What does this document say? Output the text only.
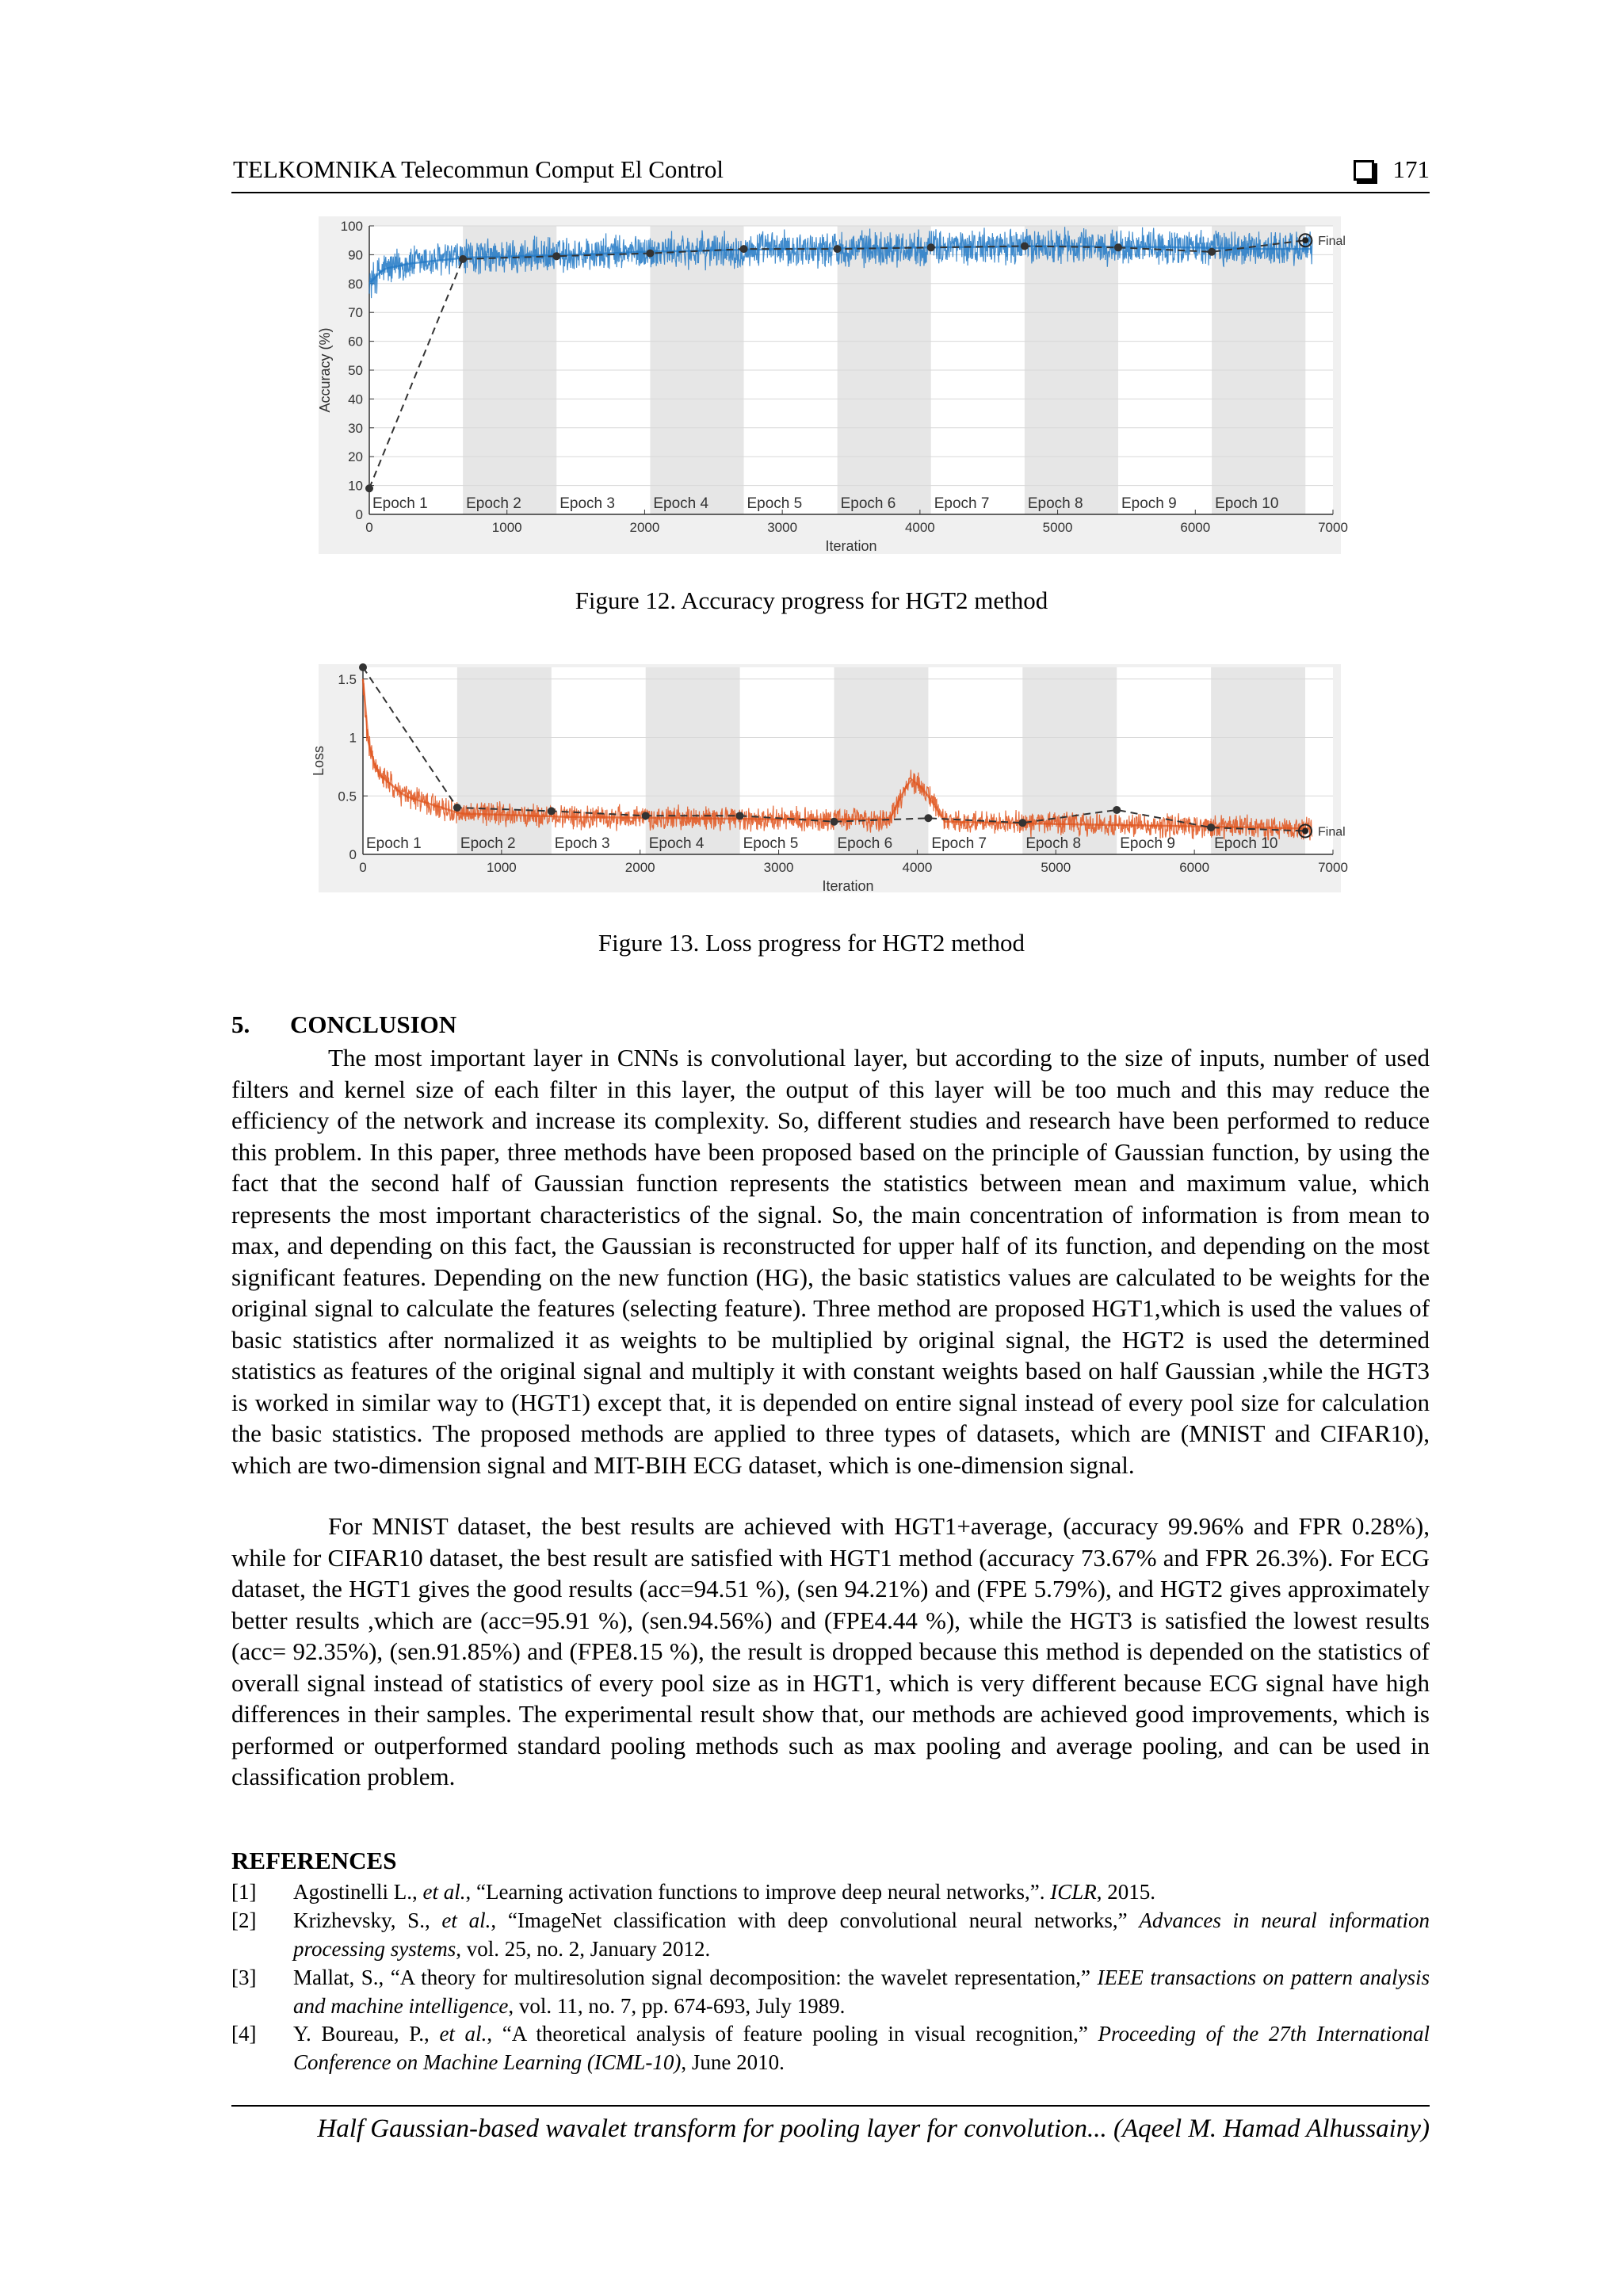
TELKOMNIKA Telecommun Comput El Control	171
0
10
20
30
40
50
60
70
80
90
100
0	1000	2000	3000	4000	5000	6000	7000
Iteration
Accuracy (%)
Final
Epoch 1	Epoch 2	Epoch 3	Epoch 4	Epoch 5	Epoch 6	Epoch 7	Epoch 8	Epoch 9	Epoch 10
Figure 12. Accuracy progress for HGT2 method
0
0.5
1
1.5
0	1000	2000	3000	4000	5000	6000	7000
Iteration
Loss
Final
Epoch 1	Epoch 2	Epoch 3	Epoch 4	Epoch 5	Epoch 6	Epoch 7	Epoch 8	Epoch 9	Epoch 10
Figure 13. Loss progress for HGT2 method
5. CONCLUSION

The most important layer in CNNs is convolutional layer, but according to the size of inputs, number of used filters and kernel size of each filter in this layer, the output of this layer will be too much and this may reduce the efficiency of the network and increase its complexity. So, different studies and research have been performed to reduce this problem. In this paper, three methods have been proposed based on the principle of Gaussian function, by using the fact that the second half of Gaussian function represents the statistics between mean and maximum value, which represents the most important characteristics of the signal. So, the main concentration of information is from mean to max, and depending on this fact, the Gaussian is reconstructed for upper half of its function, and depending on the most significant features. Depending on the new function (HG), the basic statistics values are calculated to be weights for the original signal to calculate the features (selecting feature). Three method are proposed HGT1,which is used the values of basic statistics after normalized it as weights to be multiplied by original signal, the HGT2 is used the determined statistics as features of the original signal and multiply it with constant weights based on half Gaussian ,while the HGT3 is worked in similar way to (HGT1) except that, it is depended on entire signal instead of every pool size for calculation the basic statistics. The proposed methods are applied to three types of datasets, which are (MNIST and CIFAR10), which are two-dimension signal and MIT-BIH ECG dataset, which is one-dimension signal.

For MNIST dataset, the best results are achieved with HGT1+average, (accuracy 99.96% and FPR 0.28%), while for CIFAR10 dataset, the best result are satisfied with HGT1 method (accuracy 73.67% and FPR 26.3%). For ECG dataset, the HGT1 gives the good results (acc=94.51 %), (sen 94.21%) and (FPE 5.79%), and HGT2 gives approximately better results ,which are (acc=95.91 %), (sen.94.56%) and (FPE4.44 %), while the HGT3 is satisfied the lowest results (acc= 92.35%), (sen.91.85%) and (FPE8.15 %), the result is dropped because this method is depended on the statistics of overall signal instead of statistics of every pool size as in HGT1, which is very different because ECG signal have high differences in their samples. The experimental result show that, our methods are achieved good improvements, which is performed or outperformed standard pooling methods such as max pooling and average pooling, and can be used in classification problem.

REFERENCES
[1] Agostinelli L., et al., “Learning activation functions to improve deep neural networks,”. ICLR, 2015.
[2] Krizhevsky, S., et al., “ImageNet classification with deep convolutional neural networks,” Advances in neural information processing systems, vol. 25, no. 2, January 2012.
[3] Mallat, S., “A theory for multiresolution signal decomposition: the wavelet representation,” IEEE transactions on pattern analysis and machine intelligence, vol. 11, no. 7, pp. 674-693, July 1989.
[4] Y. Boureau, P., et al., “A theoretical analysis of feature pooling in visual recognition,” Proceeding of the 27th International Conference on Machine Learning (ICML-10), June 2010.
Half Gaussian-based wavalet transform for pooling layer for convolution... (Aqeel M. Hamad Alhussainy)
